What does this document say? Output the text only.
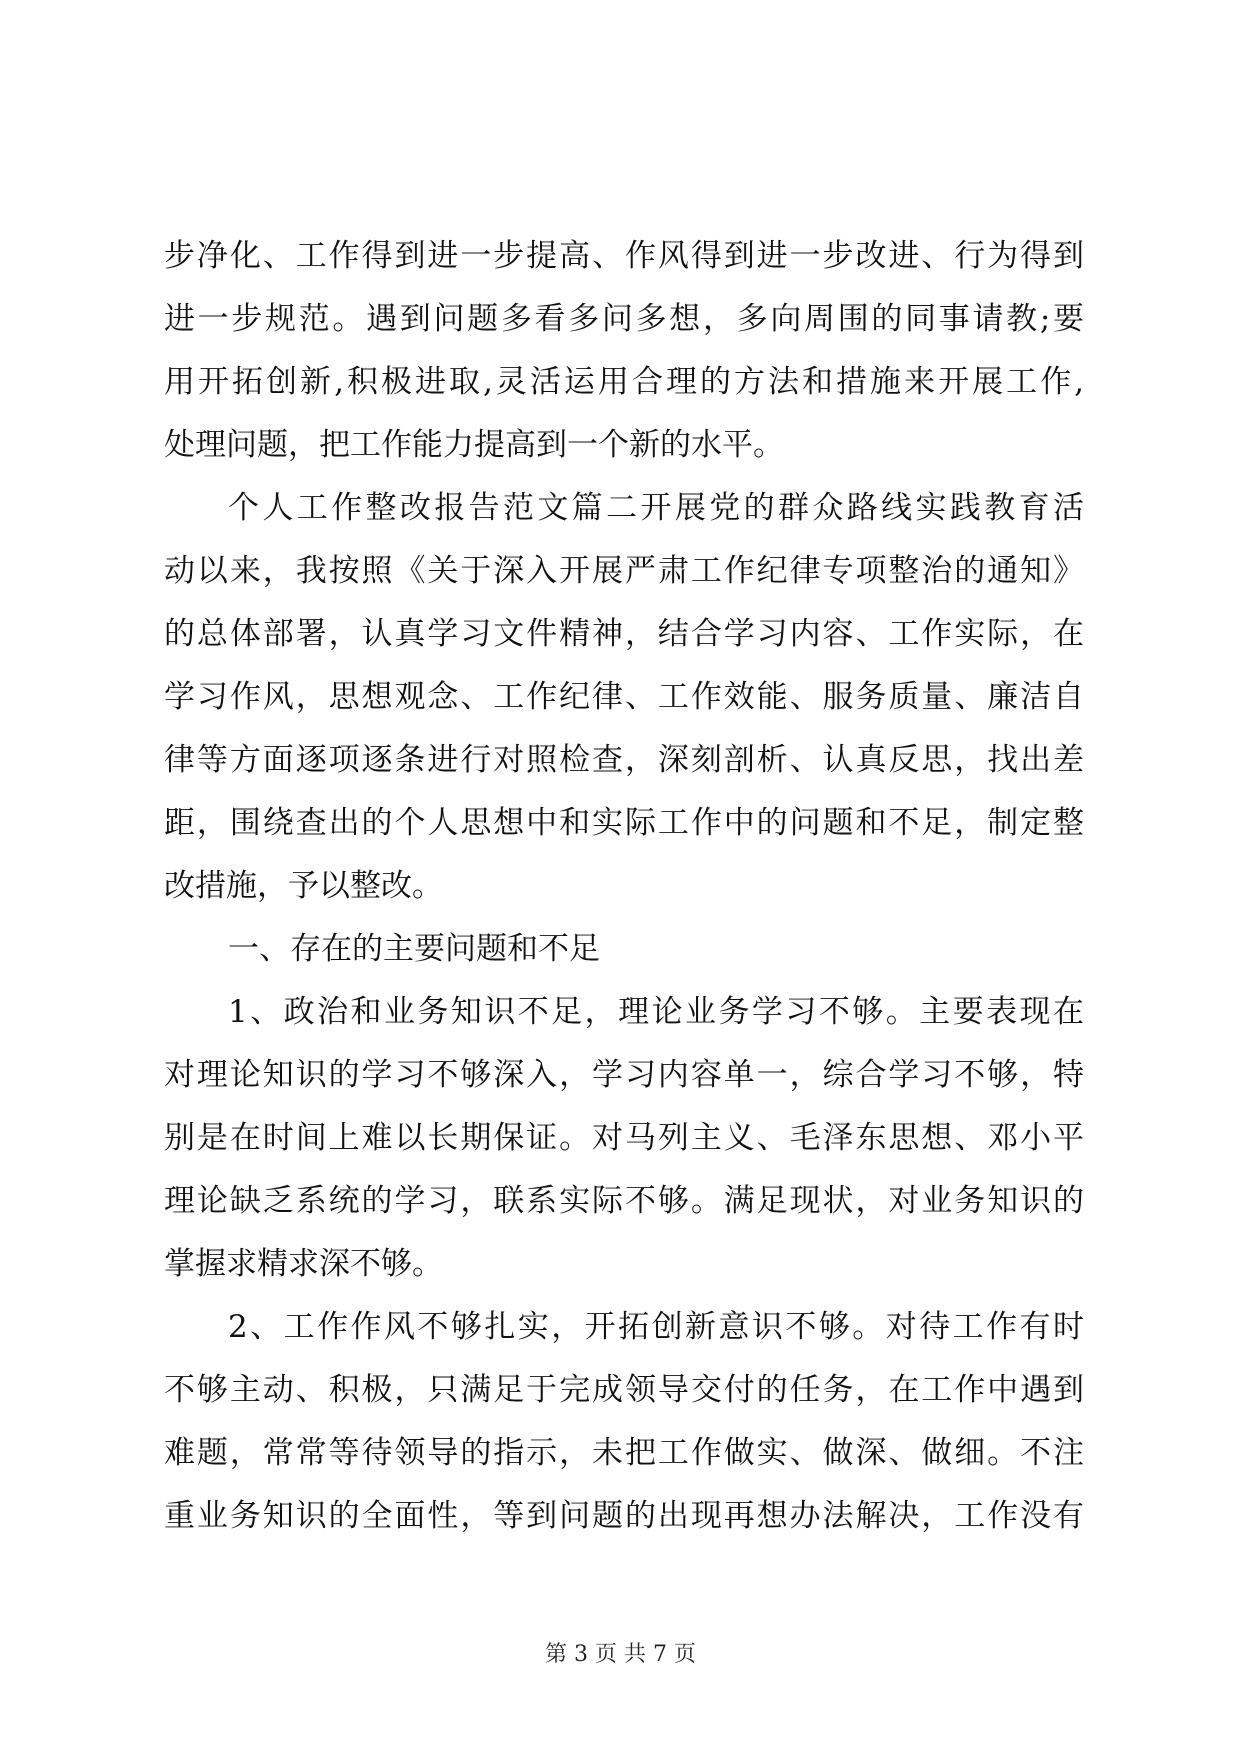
步净化、工作得到进一步提高、作风得到进一步改进、行为得到
进一步规范。遇到问题多看多问多想，多向周围的同事请教;要
用开拓创新,积极进取,灵活运用合理的方法和措施来开展工作,
处理问题，把工作能力提高到一个新的水平。
个人工作整改报告范文篇二开展党的群众路线实践教育活
动以来，我按照《关于深入开展严肃工作纪律专项整治的通知》
的总体部署，认真学习文件精神，结合学习内容、工作实际，在
学习作风，思想观念、工作纪律、工作效能、服务质量、廉洁自
律等方面逐项逐条进行对照检查，深刻剖析、认真反思，找出差
距，围绕查出的个人思想中和实际工作中的问题和不足，制定整
改措施，予以整改。
一、存在的主要问题和不足
1、政治和业务知识不足，理论业务学习不够。主要表现在
对理论知识的学习不够深入，学习内容单一，综合学习不够，特
别是在时间上难以长期保证。对马列主义、毛泽东思想、邓小平
理论缺乏系统的学习，联系实际不够。满足现状，对业务知识的
掌握求精求深不够。
2、工作作风不够扎实，开拓创新意识不够。对待工作有时
不够主动、积极，只满足于完成领导交付的任务，在工作中遇到
难题，常常等待领导的指示，未把工作做实、做深、做细。不注
重业务知识的全面性，等到问题的出现再想办法解决，工作没有
第 3 页 共 7 页
